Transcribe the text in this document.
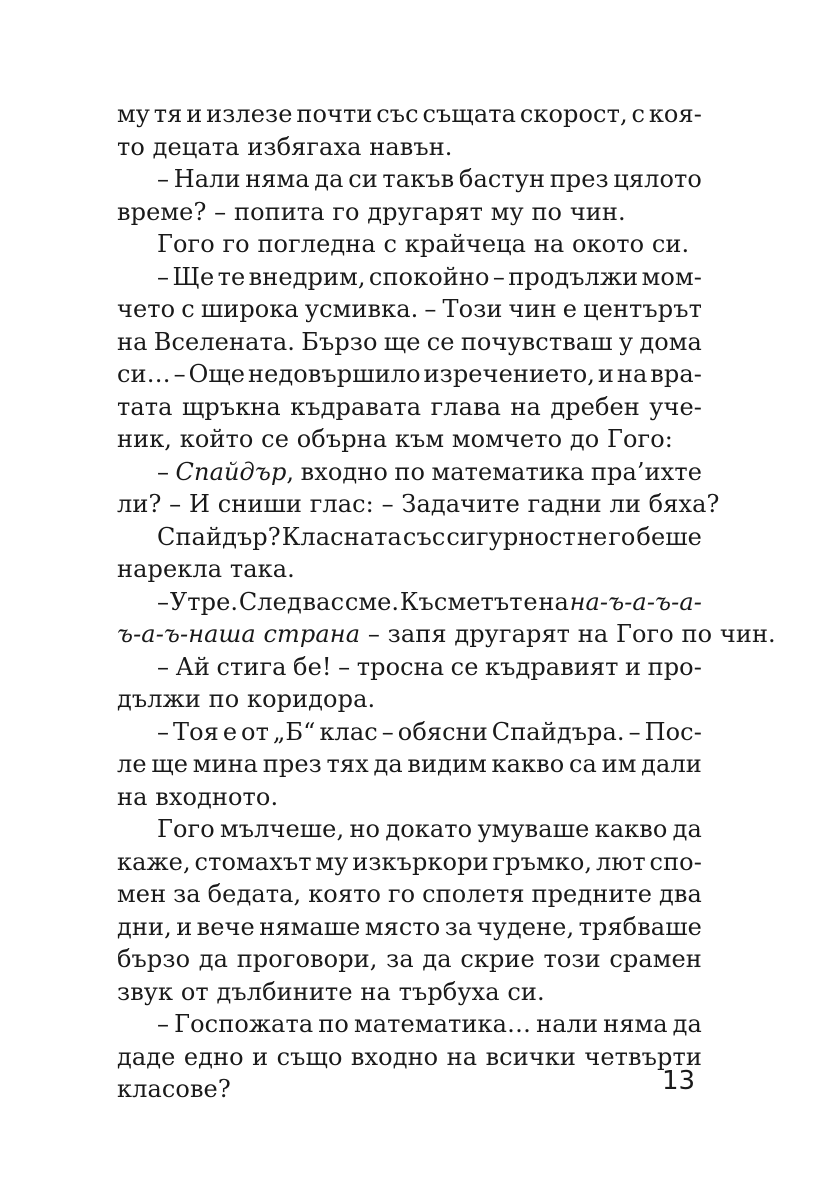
му тя и излезе почти със същата скорост, с коя-
то децата избягаха навън.
– Нали няма да си такъв бастун през цялото
време? – попита го другарят му по чин.
Гого го погледна с крайчеца на окото си.
– Ще те внедрим, спокойно – продължи мом-
чето с широка усмивка. – Този чин е центърът
на Вселената. Бързо ще се почувстваш у дома
си… – Още недовършило изречението, и на вра-
тата щръкна къдравата глава на дребен уче-
ник, който се обърна към момчето до Гого:
– Спайдър, входно по математика пра’ихте
ли? – И сниши глас: – Задачите гадни ли бяха?
Спайдър? Класната със сигурност не го беше
нарекла така.
– Утре. След вас сме. Късметът е на на-ъ-а-ъ-а-
ъ-а-ъ-наша страна – запя другарят на Гого по чин.
– Ай стига бе! – тросна се къдравият и про-
дължи по коридора.
– Тоя е от „Б“ клас – обясни Спайдъра. – Пос-
ле ще мина през тях да видим какво са им дали
на входното.
Гого мълчеше, но докато умуваше какво да
каже, стомахът му изкъркори гръмко, лют спо-
мен за бедата, която го сполетя предните два
дни, и вече нямаше място за чудене, трябваше
бързо да проговори, за да скрие този срамен
звук от дълбините на търбуха си.
– Госпожата по математика… нали няма да
даде едно и също входно на всички четвърти
класове?	13
